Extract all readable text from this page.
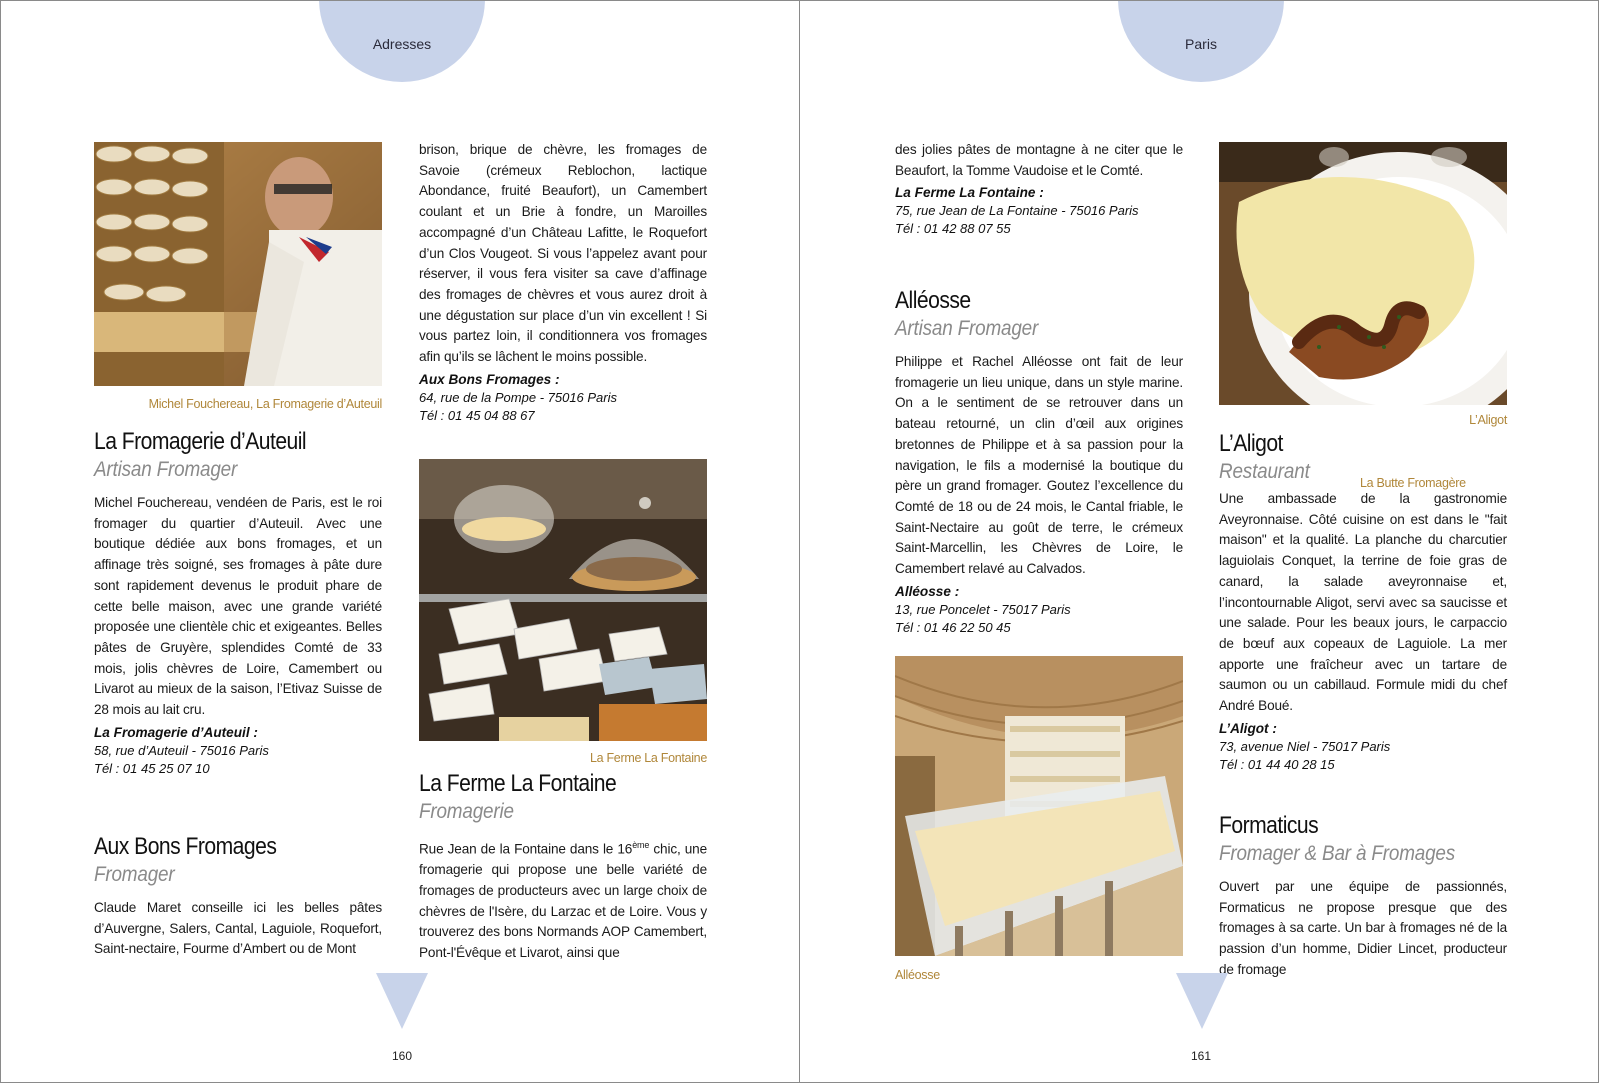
Adresses
Michel Fouchereau, La Fromagerie d’Auteuil
La Fromagerie d’Auteuil
Artisan Fromager
Michel Fouchereau, vendéen de Paris, est le roi fromager du quartier d’Auteuil. Avec une boutique dédiée aux bons fromages, et un affinage très soigné, ses fromages à pâte dure sont rapidement devenus le produit phare de cette belle maison, avec une grande variété proposée une clientèle chic et exigeantes. Belles pâtes de Gruyère, splendides Comté de 33 mois, jolis chèvres de Loire, Camembert ou Livarot au mieux de la saison, l’Etivaz Suisse de 28 mois au lait cru.
La Fromagerie d’Auteuil :
58, rue d’Auteuil - 75016 Paris
Tél : 01 45 25 07 10
Aux Bons Fromages
Fromager
Claude Maret conseille ici les belles pâtes d’Auvergne, Salers, Cantal, Laguiole, Roquefort, Saint-nectaire, Fourme d’Ambert ou de Mont
brison, brique de chèvre, les fromages de Savoie (crémeux Reblochon, lactique Abondance, fruité Beaufort), un Camembert coulant et un Brie à fondre, un Maroilles accompagné d’un Château Lafitte, le Roquefort d’un Clos Vougeot. Si vous l’appelez avant pour réserver, il vous fera visiter sa cave d’affinage des fromages de chèvres et vous aurez droit à une dégustation sur place d’un vin excellent ! Si vous partez loin, il conditionnera vos fromages afin qu’ils se lâchent le moins possible.
Aux Bons Fromages :
64, rue de la Pompe - 75016 Paris
Tél : 01 45 04 88 67
La Ferme La Fontaine
La Ferme La Fontaine
Fromagerie
Rue Jean de la Fontaine dans le 16ème chic, une fromagerie qui propose une belle variété de fromages de producteurs avec un large choix de chèvres de l'Isère, du Larzac et de Loire. Vous y trouverez des bons Normands AOP Camembert, Pont-l'Évêque et Livarot, ainsi que
160
Paris
des jolies pâtes de montagne à ne citer que le Beaufort, la Tomme Vaudoise et le Comté.
La Ferme La Fontaine :
75, rue Jean de La Fontaine - 75016 Paris
Tél : 01 42 88 07 55
Alléosse
Artisan Fromager
Philippe et Rachel Alléosse ont fait de leur fromagerie un lieu unique, dans un style marine. On a le sentiment de se retrouver dans un bateau retourné, un clin d’œil aux origines bretonnes de Philippe et à sa passion pour la navigation, le fils a modernisé la boutique du père un grand fromager. Goutez l’excellence du Comté de 18 ou de 24 mois, le Cantal friable, le Saint-Nectaire au goût de terre, le crémeux Saint-Marcellin, les Chèvres de Loire, le Camembert relavé au Calvados.
Alléosse :
13, rue Poncelet - 75017 Paris
Tél : 01 46 22 50 45
Alléosse
L’Aligot
L’Aligot
Restaurant	La Butte Fromagère
Une ambassade de la gastronomie Aveyronnaise. Côté cuisine on est dans le "fait maison" et la qualité. La planche du charcutier laguiolais Conquet, la terrine de foie gras de canard, la salade aveyronnaise et, l’incontournable Aligot, servi avec sa saucisse et une salade. Pour les beaux jours, le carpaccio de bœuf aux copeaux de Laguiole. La mer apporte une fraîcheur avec un tartare de saumon ou un cabillaud. Formule midi du chef André Boué.
L’Aligot :
73, avenue Niel - 75017 Paris
Tél : 01 44 40 28 15
Formaticus
Fromager & Bar à Fromages
Ouvert par une équipe de passionnés, Formaticus ne propose presque que des fromages à sa carte. Un bar à fromages né de la passion d’un homme, Didier Lincet, producteur de fromage
161
